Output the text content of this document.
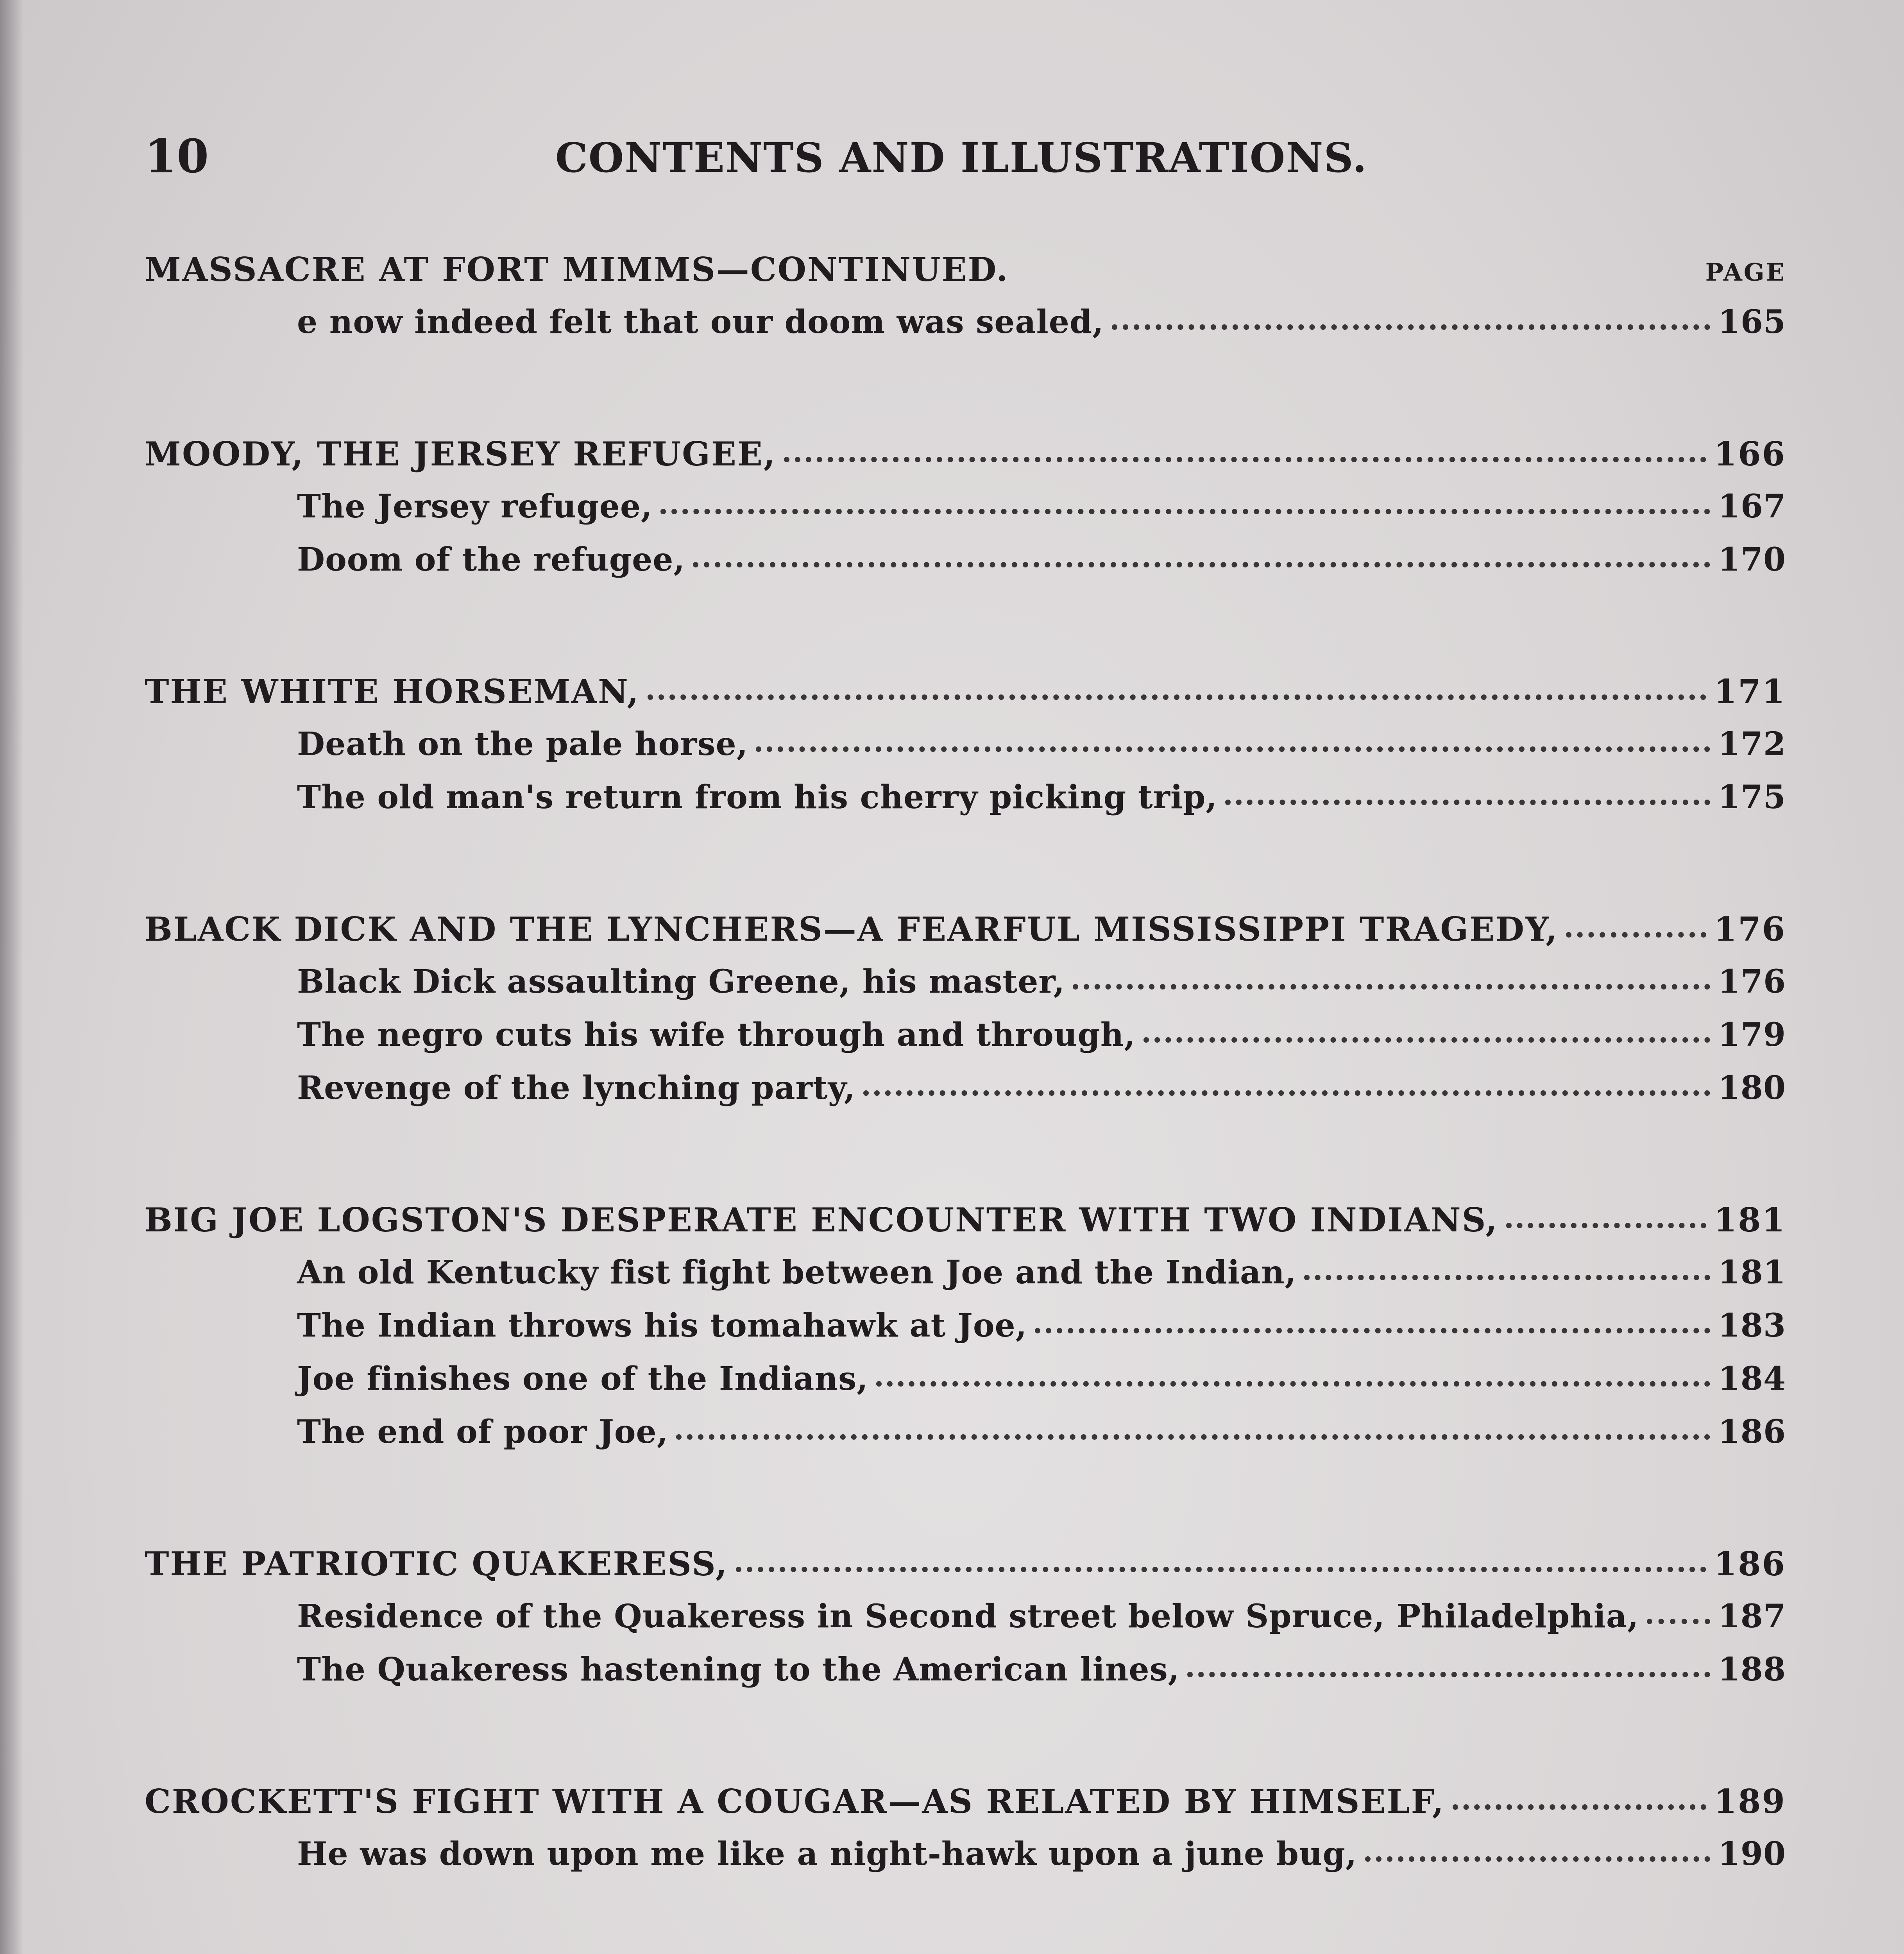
10	CONTENTS AND ILLUSTRATIONS.
PAGE
MASSACRE AT FORT MIMMS—CONTINUED.
e now indeed felt that our doom was sealed,	165
MOODY, THE JERSEY REFUGEE,	166
The Jersey refugee,	167
Doom of the refugee,	170
THE WHITE HORSEMAN,	171
Death on the pale horse,	172
The old man's return from his cherry picking trip,	175
BLACK DICK AND THE LYNCHERS—A FEARFUL MISSISSIPPI TRAGEDY,	176
Black Dick assaulting Greene, his master,	176
The negro cuts his wife through and through,	179
Revenge of the lynching party,	180
BIG JOE LOGSTON'S DESPERATE ENCOUNTER WITH TWO INDIANS,	181
An old Kentucky fist fight between Joe and the Indian,	181
The Indian throws his tomahawk at Joe,	183
Joe finishes one of the Indians,	184
The end of poor Joe,	186
THE PATRIOTIC QUAKERESS,	186
Residence of the Quakeress in Second street below Spruce, Philadelphia, 187
The Quakeress hastening to the American lines,	188
CROCKETT'S FIGHT WITH A COUGAR—AS RELATED BY HIMSELF,	189
He was down upon me like a night-hawk upon a june bug,	190
